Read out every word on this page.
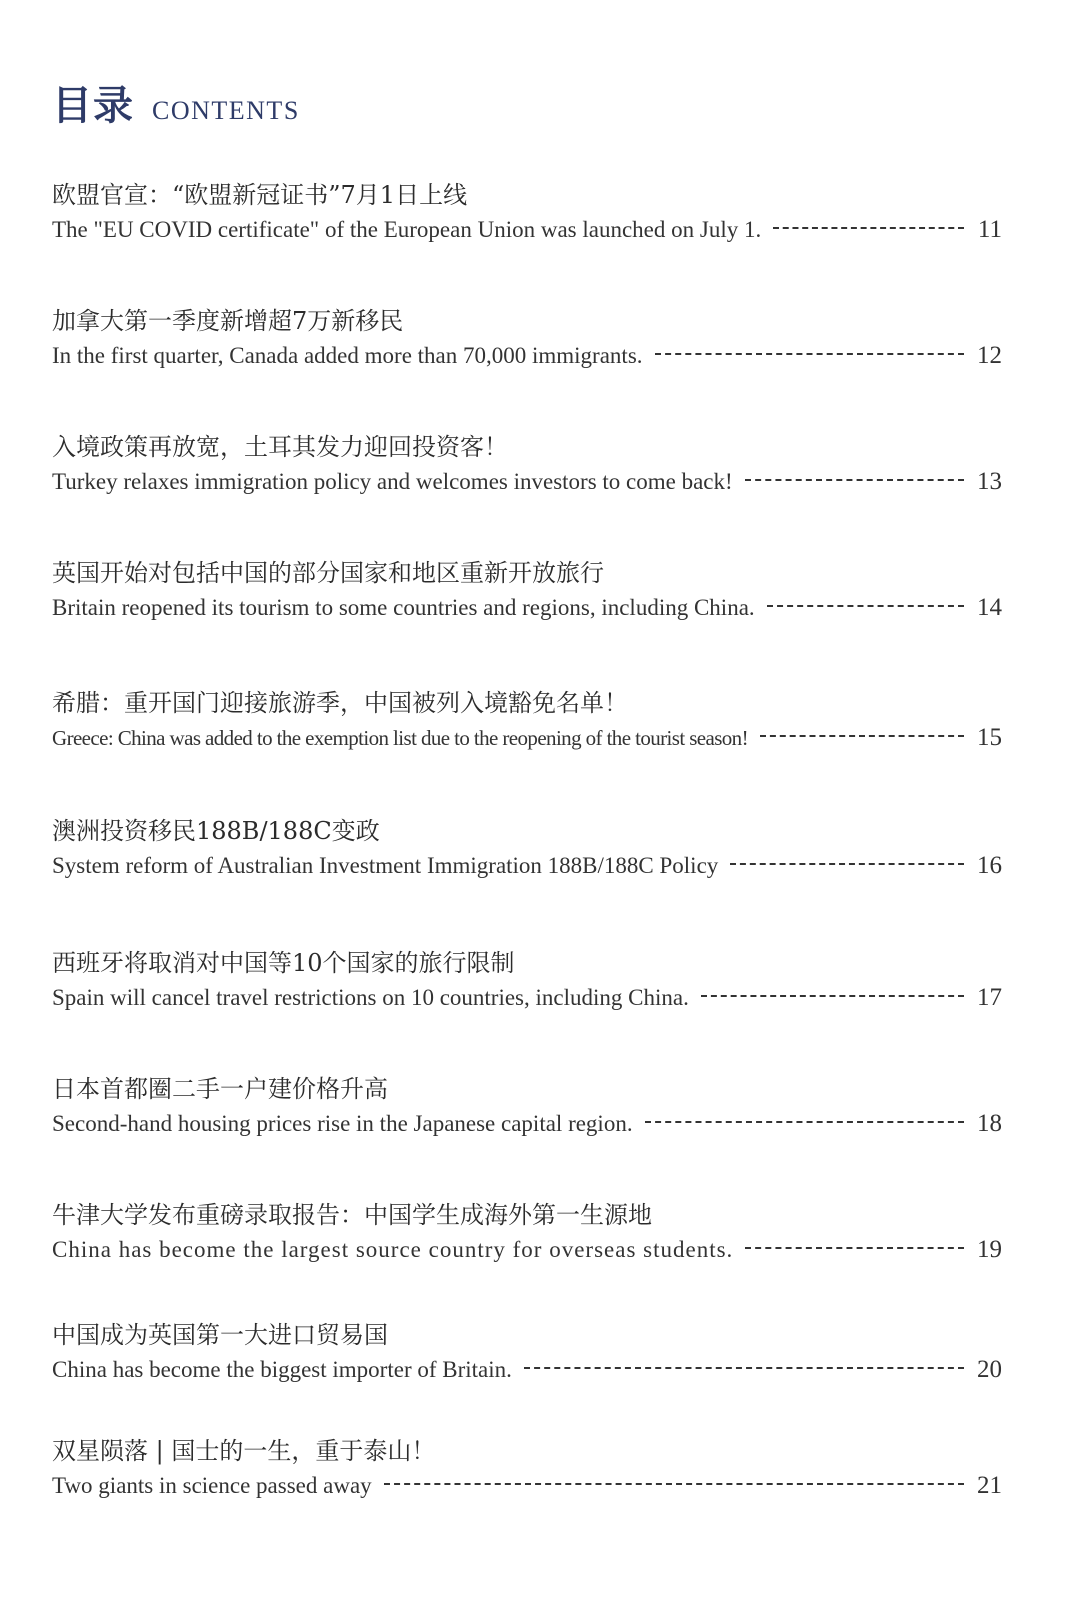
目录 CONTENTS
欧盟官宣：“欧盟新冠证书”7月1日上线
The "EU COVID certificate" of the European Union was launched on July 1.	11
加拿大第一季度新增超7万新移民
In the first quarter, Canada added more than 70,000 immigrants.	12
入境政策再放宽，土耳其发力迎回投资客！
Turkey relaxes immigration policy and welcomes investors to come back!	13
英国开始对包括中国的部分国家和地区重新开放旅行
Britain reopened its tourism to some countries and regions, including China.	14
希腊：重开国门迎接旅游季，中国被列入境豁免名单！
Greece: China was added to the exemption list due to the reopening of the tourist season!	15
澳洲投资移民188B/188C变政
System reform of Australian Investment Immigration 188B/188C Policy	16
西班牙将取消对中国等10个国家的旅行限制
Spain will cancel travel restrictions on 10 countries, including China.	17
日本首都圈二手一户建价格升高
Second-hand housing prices rise in the Japanese capital region.	18
牛津大学发布重磅录取报告：中国学生成海外第一生源地
China has become the largest source country for overseas students.	19
中国成为英国第一大进口贸易国
China has become the biggest importer of Britain.	20
双星陨落 | 国士的一生，重于泰山！
Two giants in science passed away	21
